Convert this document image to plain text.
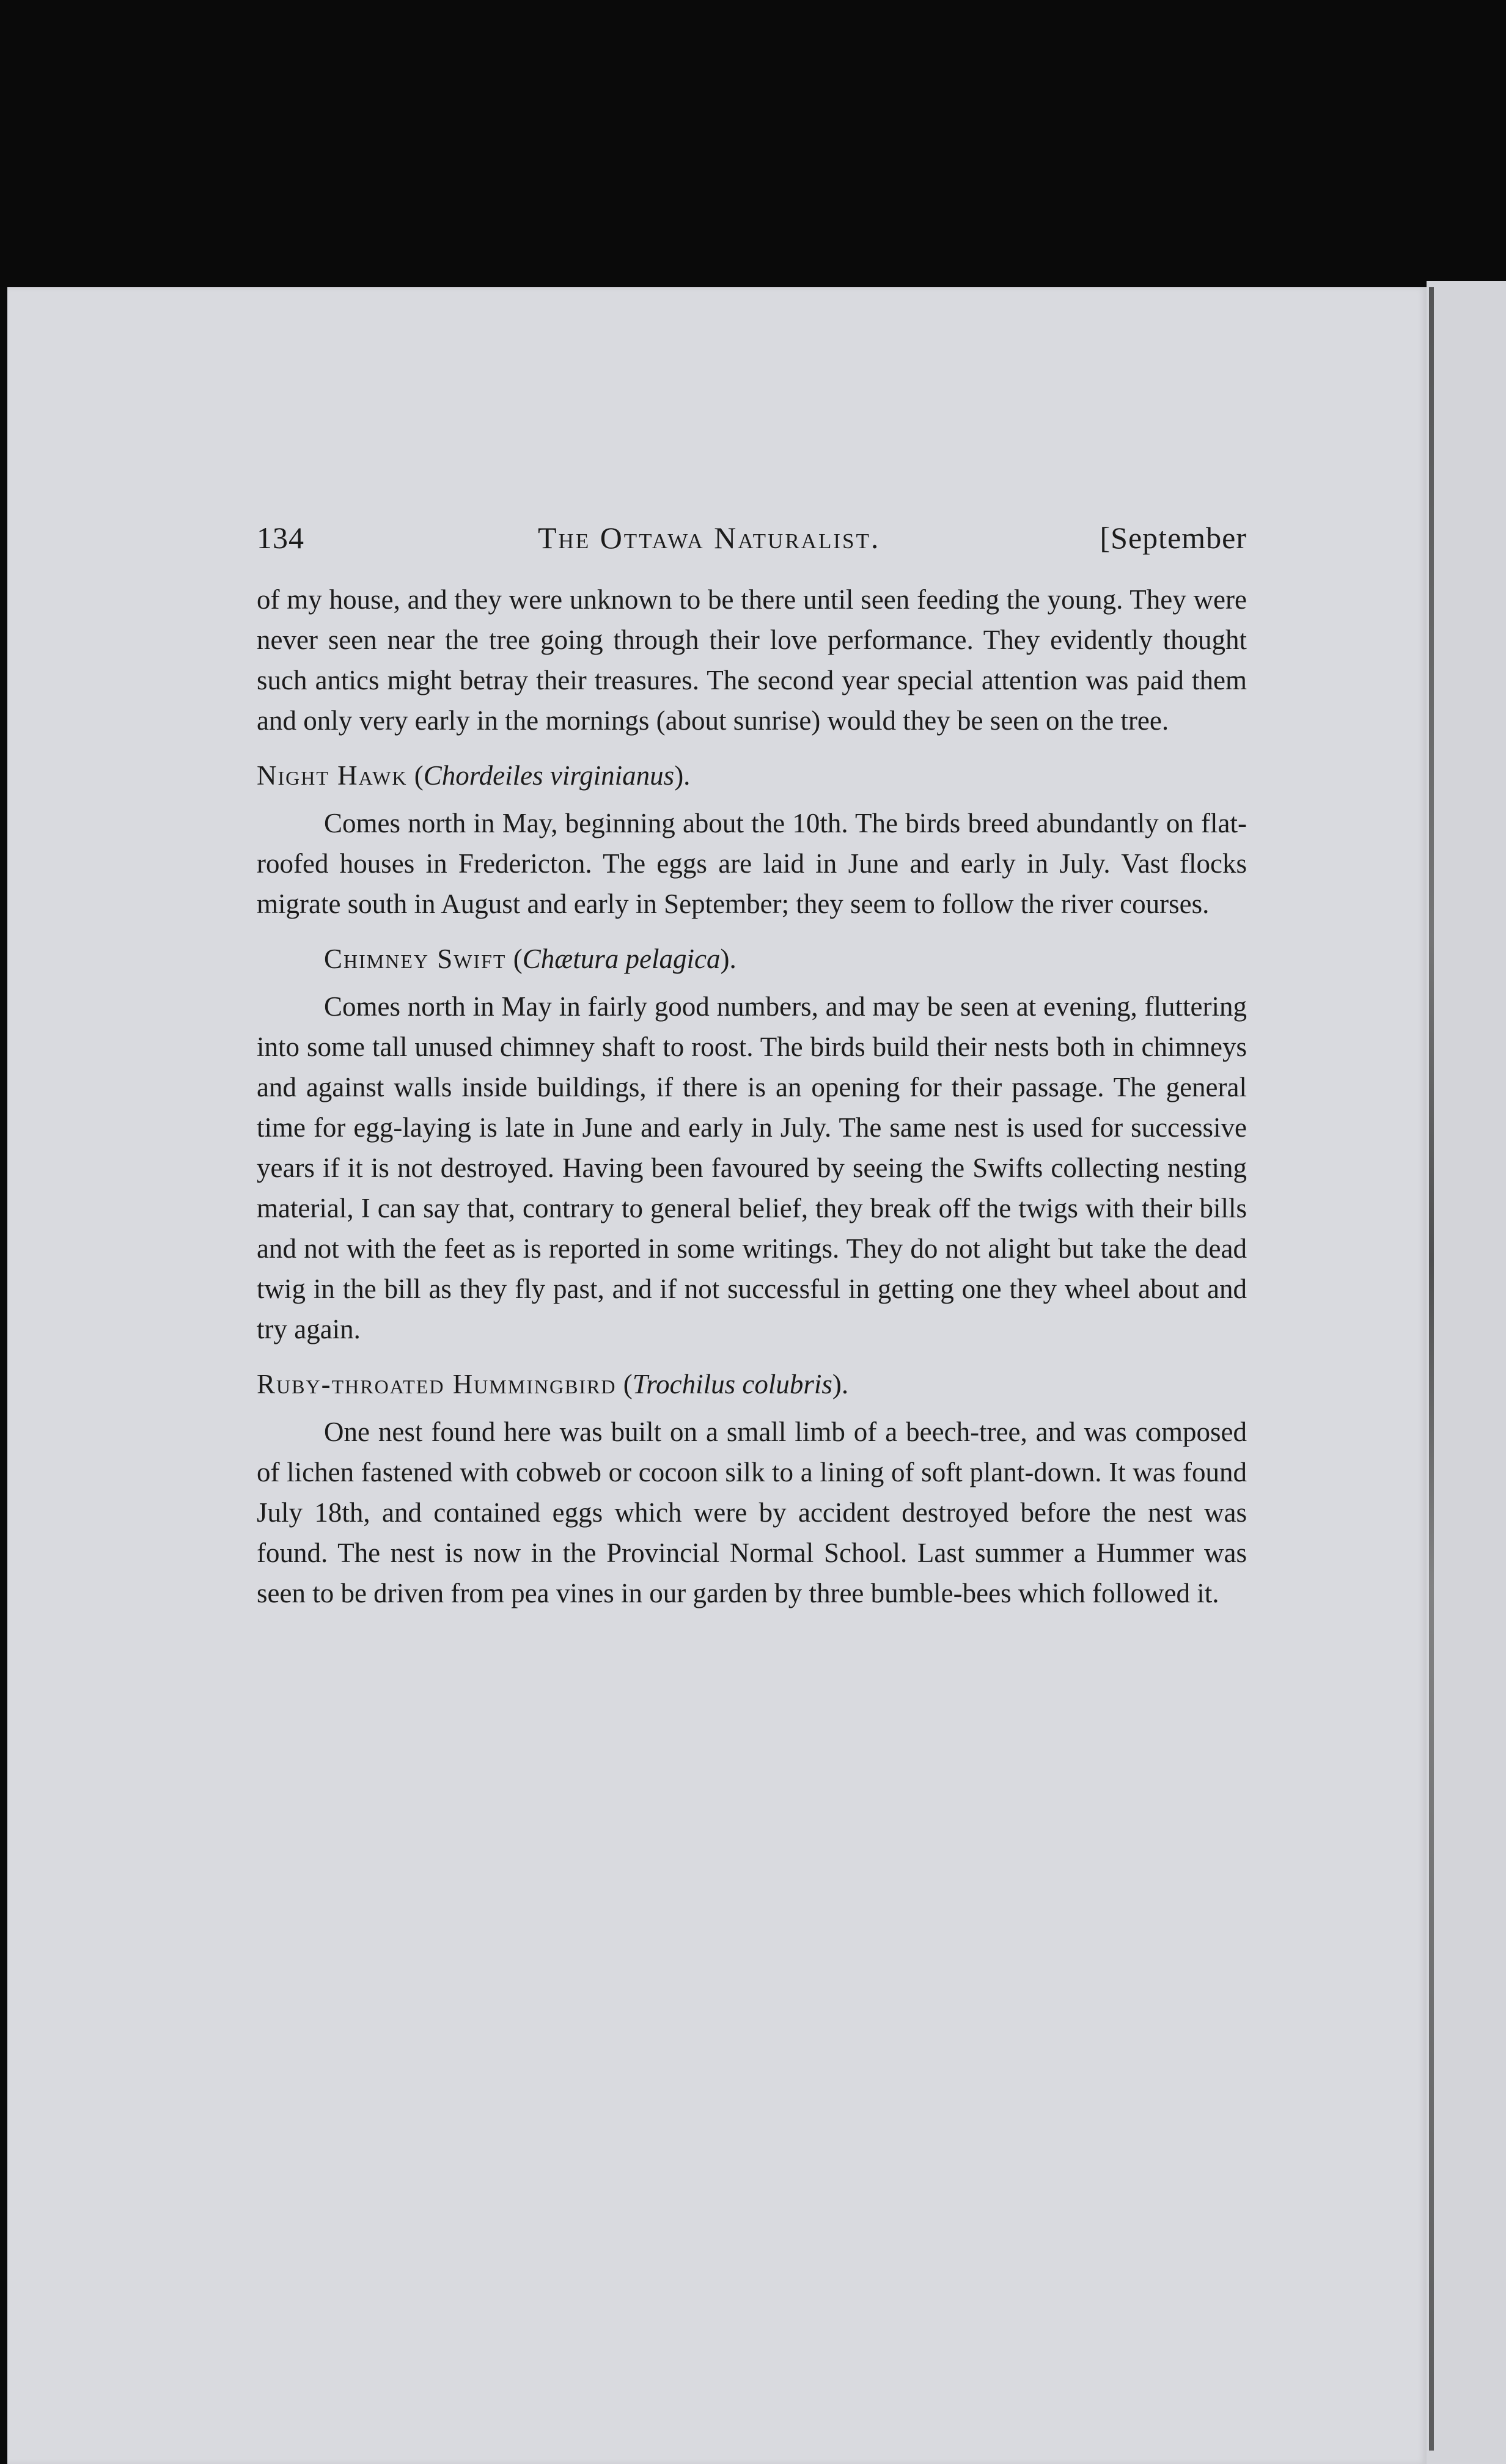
134	The Ottawa Naturalist.	[September

of my house, and they were unknown to be there until seen feeding the young. They were never seen near the tree going through their love performance. They evidently thought such antics might betray their treasures. The second year special attention was paid them and only very early in the mornings (about sunrise) would they be seen on the tree.

Night Hawk (Chordeiles virginianus).

Comes north in May, beginning about the 10th. The birds breed abundantly on flat-roofed houses in Fredericton. The eggs are laid in June and early in July. Vast flocks migrate south in August and early in September; they seem to follow the river courses.

Chimney Swift (Chætura pelagica).

Comes north in May in fairly good numbers, and may be seen at evening, fluttering into some tall unused chimney shaft to roost. The birds build their nests both in chimneys and against walls inside buildings, if there is an opening for their passage. The general time for egg-laying is late in June and early in July. The same nest is used for successive years if it is not destroyed. Having been favoured by seeing the Swifts collecting nesting material, I can say that, contrary to general belief, they break off the twigs with their bills and not with the feet as is reported in some writings. They do not alight but take the dead twig in the bill as they fly past, and if not successful in getting one they wheel about and try again.

Ruby-throated Hummingbird (Trochilus colubris).

One nest found here was built on a small limb of a beech-tree, and was composed of lichen fastened with cobweb or cocoon silk to a lining of soft plant-down. It was found July 18th, and contained eggs which were by accident destroyed before the nest was found. The nest is now in the Provincial Normal School. Last summer a Hummer was seen to be driven from pea vines in our garden by three bumble-bees which followed it.
